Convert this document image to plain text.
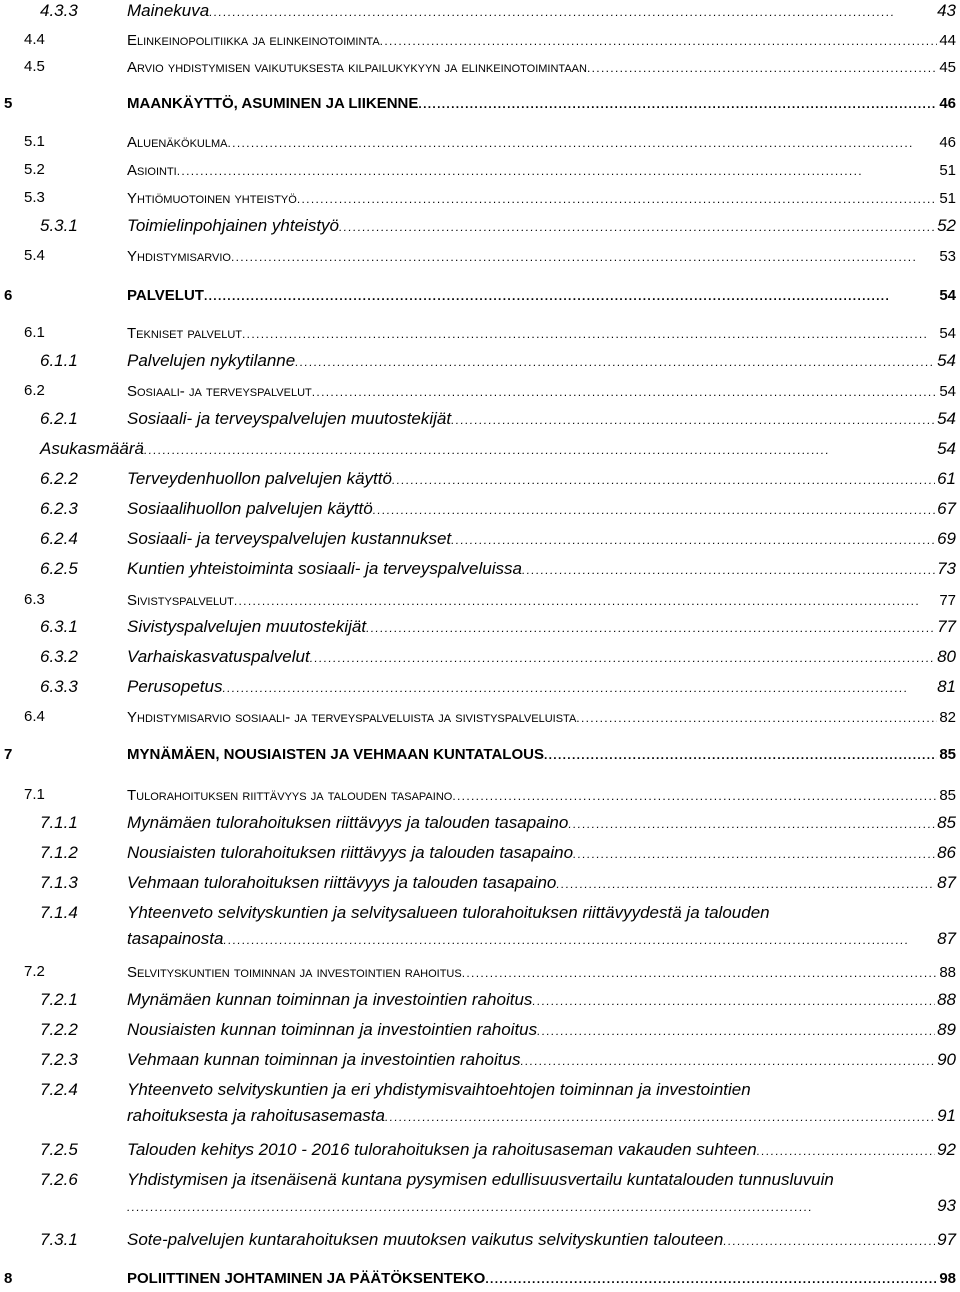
4.3.3	Mainekuva . . .	43
4.4	Elinkeinopolitiikka ja elinkeinotoiminta . . .	44
4.5	Arvio yhdistymisen vaikutuksesta kilpailukykyyn ja elinkeinotoimintaan . . .	45
5	MAANKÄYTTÖ, ASUMINEN JA LIIKENNE . . .	46
5.1	Aluenäkökulma . . .	46
5.2	Asiointi . . .	51
5.3	Yhtiömuotoinen yhteistyö . . .	51
5.3.1	Toimielinpohjainen yhteistyö . . .	52
5.4	Yhdistymisarvio . . .	53
6	PALVELUT . . .	54
6.1	Tekniset palvelut . . .	54
6.1.1	Palvelujen nykytilanne . . .	54
6.2	Sosiaali- ja terveyspalvelut . . .	54
6.2.1	Sosiaali- ja terveyspalvelujen muutostekijät . . .	54
Asukasmäärä . . .	54
6.2.2	Terveydenhuollon palvelujen käyttö . . .	61
6.2.3	Sosiaalihuollon palvelujen käyttö . . .	67
6.2.4	Sosiaali- ja terveyspalvelujen kustannukset . . .	69
6.2.5	Kuntien yhteistoiminta sosiaali- ja terveyspalveluissa . . .	73
6.3	Sivistyspalvelut . . .	77
6.3.1	Sivistyspalvelujen muutostekijät . . .	77
6.3.2	Varhaiskasvatuspalvelut . . .	80
6.3.3	Perusopetus . . .	81
6.4	Yhdistymisarvio sosiaali- ja terveyspalveluista ja sivistyspalveluista . . .	82
7	MYNÄMÄEN, NOUSIAISTEN JA VEHMAAN KUNTATALOUS . . .	85
7.1	Tulorahoituksen riittävyys ja talouden tasapaino . . .	85
7.1.1	Mynämäen tulorahoituksen riittävyys ja talouden tasapaino . . .	85
7.1.2	Nousiaisten tulorahoituksen riittävyys ja talouden tasapaino . . .	86
7.1.3	Vehmaan tulorahoituksen riittävyys ja talouden tasapaino . . .	87
7.1.4	Yhteenveto selvityskuntien ja selvitysalueen tulorahoituksen riittävyydestä ja talouden
tasapainosta . . .	87
7.2	Selvityskuntien toiminnan ja investointien rahoitus . . .	88
7.2.1	Mynämäen kunnan toiminnan ja investointien rahoitus . . .	88
7.2.2	Nousiaisten kunnan toiminnan ja investointien rahoitus . . .	89
7.2.3	Vehmaan kunnan toiminnan ja investointien rahoitus . . .	90
7.2.4	Yhteenveto selvityskuntien ja eri yhdistymisvaihtoehtojen toiminnan ja investointien
rahoituksesta ja rahoitusasemasta . . .	91
7.2.5	Talouden kehitys 2010 - 2016 tulorahoituksen ja rahoitusaseman vakauden suhteen . . .	92
7.2.6	Yhdistymisen ja itsenäisenä kuntana pysymisen edullisuusvertailu kuntatalouden tunnusluvuin
. . .
93
7.3.1	Sote-palvelujen kuntarahoituksen muutoksen vaikutus selvityskuntien talouteen . . .	97
8	POLIITTINEN JOHTAMINEN JA PÄÄTÖKSENTEKO . . .	98
